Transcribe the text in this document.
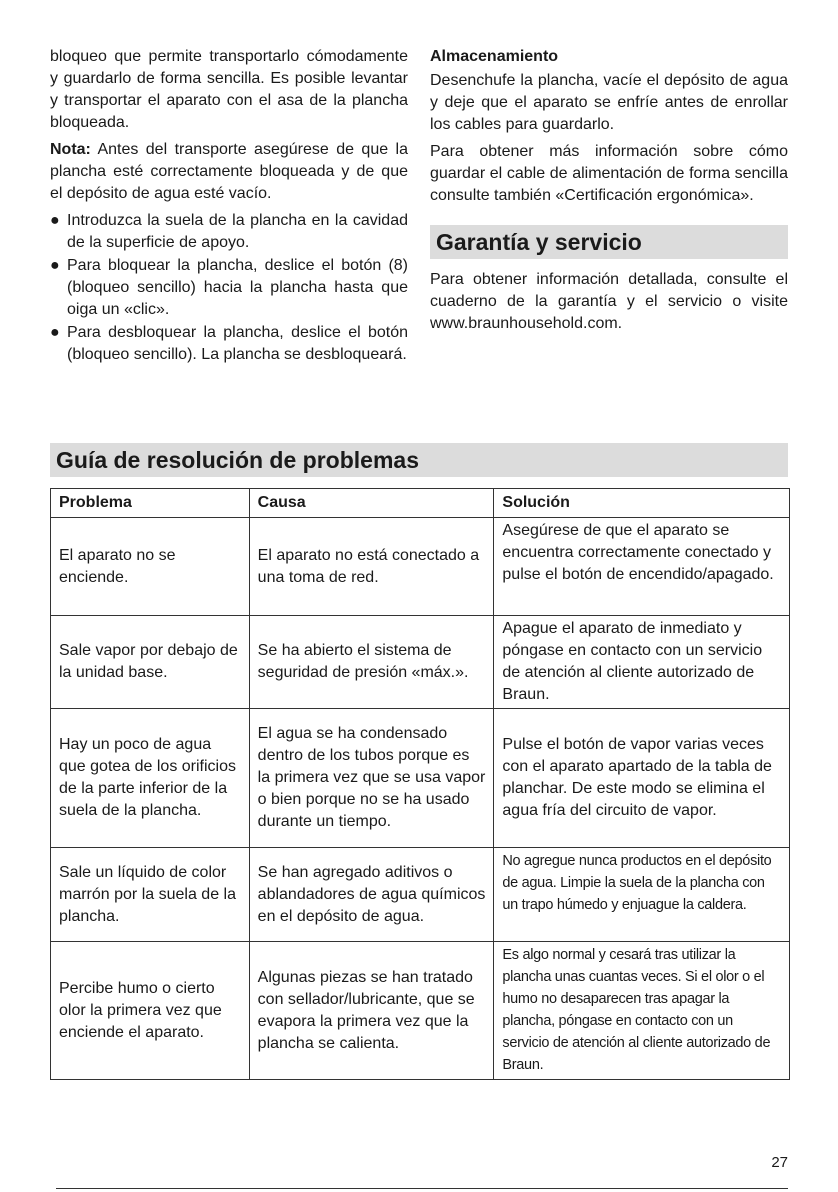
bloqueo que permite transportarlo cómodamente y guardarlo de forma sencilla. Es posible levantar y transportar el aparato con el asa de la plancha bloqueada.

Nota: Antes del transporte asegúrese de que la plancha esté correctamente bloqueada y de que el depósito de agua esté vacío.

● Introduzca la suela de la plancha en la cavidad de la superficie de apoyo.
● Para bloquear la plancha, deslice el botón (8) (bloqueo sencillo) hacia la plancha hasta que oiga un «clic».
● Para desbloquear la plancha, deslice el botón (bloqueo sencillo). La plancha se desbloqueará.

Almacenamiento

Desenchufe la plancha, vacíe el depósito de agua y deje que el aparato se enfríe antes de enrollar los cables para guardarlo.

Para obtener más información sobre cómo guardar el cable de alimentación de forma sencilla consulte también «Certificación ergonómica».

Garantía y servicio

Para obtener información detallada, consulte el cuaderno de la garantía y el servicio o visite www.braunhousehold.com.

Guía de resolución de problemas
Problema	Causa	Solución
El aparato no se enciende.	El aparato no está conectado a una toma de red.	Asegúrese de que el aparato se encuentra correctamente conectado y pulse el botón de encendido/apagado.
Sale vapor por debajo de la unidad base.	Se ha abierto el sistema de seguridad de presión «máx.».	Apague el aparato de inmediato y póngase en contacto con un servicio de atención al cliente autorizado de Braun.
Hay un poco de agua que gotea de los orificios de la parte inferior de la suela de la plancha.	El agua se ha condensado dentro de los tubos porque es la primera vez que se usa vapor o bien porque no se ha usado durante un tiempo.	Pulse el botón de vapor varias veces con el aparato apartado de la tabla de planchar. De este modo se elimina el agua fría del circuito de vapor.
Sale un líquido de color marrón por la suela de la plancha.	Se han agregado aditivos o ablandadores de agua químicos en el depósito de agua.	No agregue nunca productos en el depósito de agua. Limpie la suela de la plancha con un trapo húmedo y enjuague la caldera.
Percibe humo o cierto olor la primera vez que enciende el aparato.	Algunas piezas se han tratado con sellador/lubricante, que se evapora la primera vez que la plancha se calienta.	Es algo normal y cesará tras utilizar la plancha unas cuantas veces. Si el olor o el humo no desaparecen tras apagar la plancha, póngase en contacto con un servicio de atención al cliente autorizado de Braun.
27
